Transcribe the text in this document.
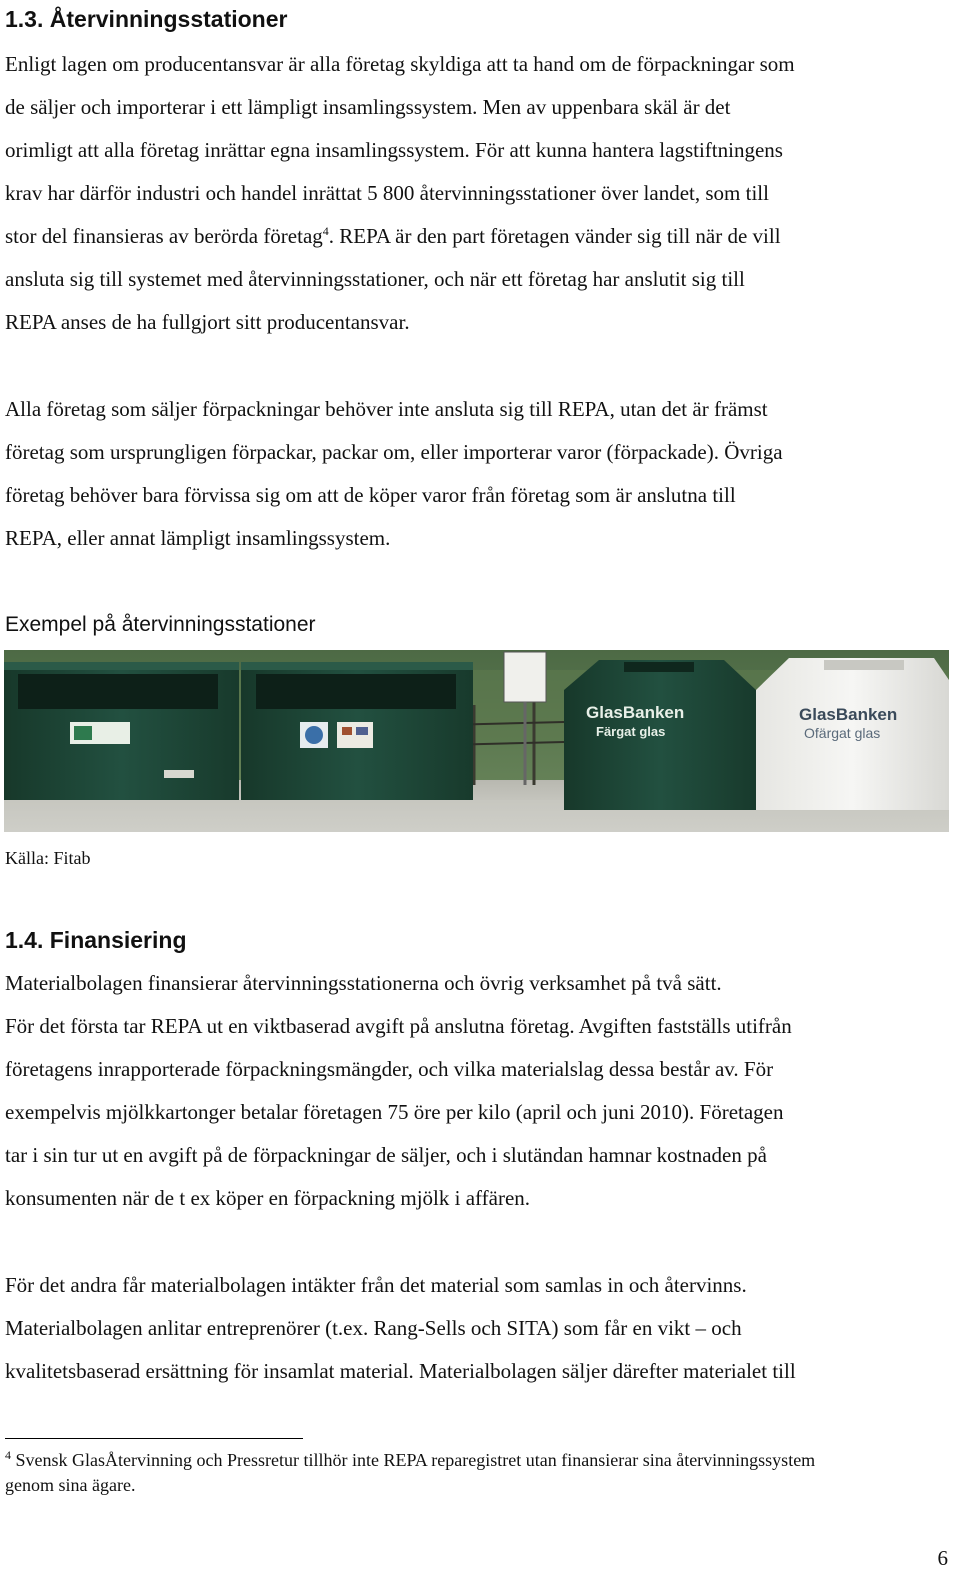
1.3. Återvinningsstationer
Enligt lagen om producentansvar är alla företag skyldiga att ta hand om de förpackningar som
de säljer och importerar i ett lämpligt insamlingssystem. Men av uppenbara skäl är det
orimligt att alla företag inrättar egna insamlingssystem. För att kunna hantera lagstiftningens
krav har därför industri och handel inrättat 5 800 återvinningsstationer över landet, som till
stor del finansieras av berörda företag$^4$. REPA är den part företagen vänder sig till när de vill
ansluta sig till systemet med återvinningsstationer, och när ett företag har anslutit sig till
REPA anses de ha fullgjort sitt producentansvar.
Alla företag som säljer förpackningar behöver inte ansluta sig till REPA, utan det är främst
företag som ursprungligen förpackar, packar om, eller importerar varor (förpackade). Övriga
företag behöver bara förvissa sig om att de köper varor från företag som är anslutna till
REPA, eller annat lämpligt insamlingssystem.

Exempel på återvinningsstationer

GlasBanken
Färgat glas
GlasBanken
Ofärgat glas

Källa: Fitab

1.4. Finansiering
Materialbolagen finansierar återvinningsstationerna och övrig verksamhet på två sätt.
För det första tar REPA ut en viktbaserad avgift på anslutna företag. Avgiften fastställs utifrån
företagens inrapporterade förpackningsmängder, och vilka materialslag dessa består av. För
exempelvis mjölkkartonger betalar företagen 75 öre per kilo (april och juni 2010). Företagen
tar i sin tur ut en avgift på de förpackningar de säljer, och i slutändan hamnar kostnaden på
konsumenten när de t ex köper en förpackning mjölk i affären.
För det andra får materialbolagen intäkter från det material som samlas in och återvinns.
Materialbolagen anlitar entreprenörer (t.ex. Rang-Sells och SITA) som får en vikt – och
kvalitetsbaserad ersättning för insamlat material. Materialbolagen säljer därefter materialet till
$^4$ Svensk GlasÅtervinning och Pressretur tillhör inte REPA reparegistret utan finansierar sina återvinningssystem
genom sina ägare.
6
